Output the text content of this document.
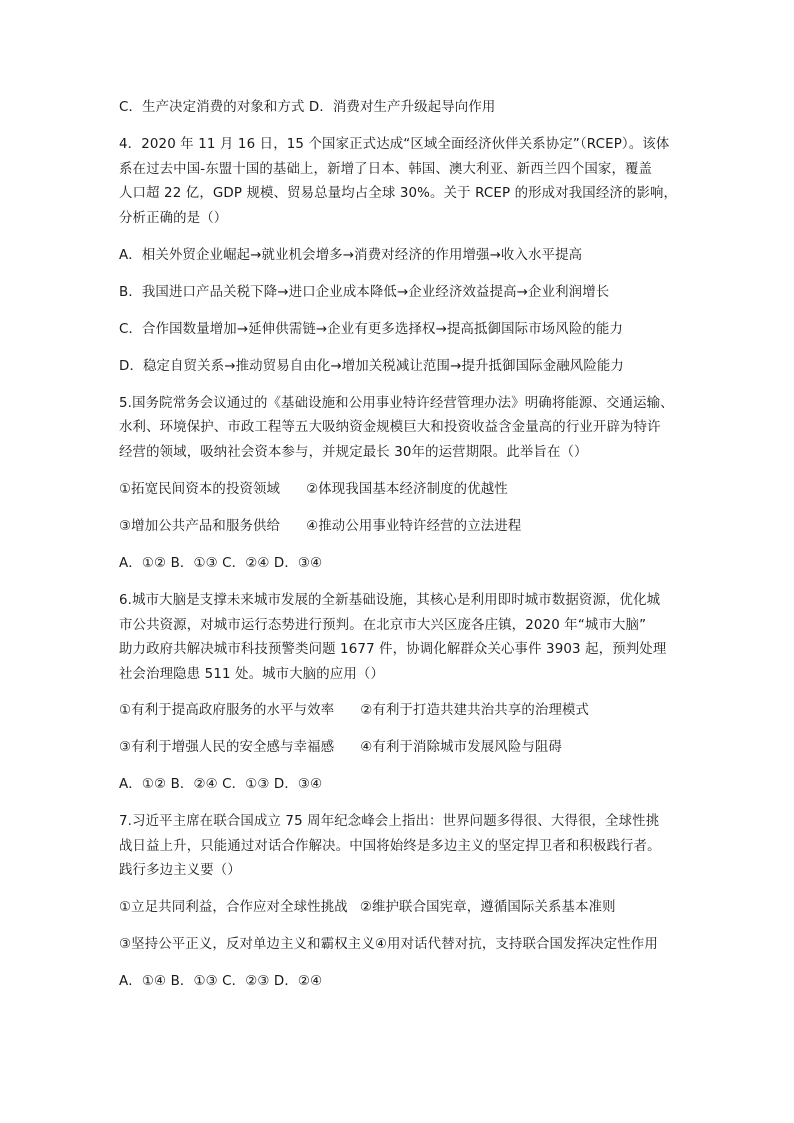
C．生产决定消费的对象和方式 D．消费对生产升级起导向作用
4．2020 年 11 月 16 日，15 个国家正式达成“区域全面经济伙伴关系协定”（RCEP）。该体
系在过去中国-东盟十国的基础上，新增了日本、韩国、澳大利亚、新西兰四个国家，覆盖
人口超 22 亿，GDP 规模、贸易总量均占全球 30%。关于 RCEP 的形成对我国经济的影响，
分析正确的是（）
A．相关外贸企业崛起→就业机会增多→消费对经济的作用增强→收入水平提高
B．我国进口产品关税下降→进口企业成本降低→企业经济效益提高→企业利润增长
C．合作国数量增加→延伸供需链→企业有更多选择权→提高抵御国际市场风险的能力
D．稳定自贸关系→推动贸易自由化→增加关税减让范围→提升抵御国际金融风险能力
5.国务院常务会议通过的《基础设施和公用事业特许经营管理办法》明确将能源、交通运输、
水利、环境保护、市政工程等五大吸纳资金规模巨大和投资收益含金量高的行业开辟为特许
经营的领域，吸纳社会资本参与，并规定最长 30年的运营期限。此举旨在（）
①拓宽民间资本的投资领域 ②体现我国基本经济制度的优越性
③增加公共产品和服务供给 ④推动公用事业特许经营的立法进程
A．①② B．①③ C．②④ D．③④
6.城市大脑是支撑未来城市发展的全新基础设施，其核心是利用即时城市数据资源，优化城
市公共资源，对城市运行态势进行预判。在北京市大兴区庞各庄镇，2020 年“城市大脑”
助力政府共解决城市科技预警类问题 1677 件，协调化解群众关心事件 3903 起，预判处理
社会治理隐患 511 处。城市大脑的应用（）
①有利于提高政府服务的水平与效率 ②有利于打造共建共治共享的治理模式
③有利于增强人民的安全感与幸福感 ④有利于消除城市发展风险与阻碍
A．①② B．②④ C．①③ D．③④
7.习近平主席在联合国成立 75 周年纪念峰会上指出：世界问题多得很、大得很，全球性挑
战日益上升，只能通过对话合作解决。中国将始终是多边主义的坚定捍卫者和积极践行者。
践行多边主义要（）
①立足共同利益，合作应对全球性挑战 ②维护联合国宪章，遵循国际关系基本准则
③坚持公平正义，反对单边主义和霸权主义④用对话代替对抗，支持联合国发挥决定性作用
A．①④ B．①③ C．②③ D．②④
